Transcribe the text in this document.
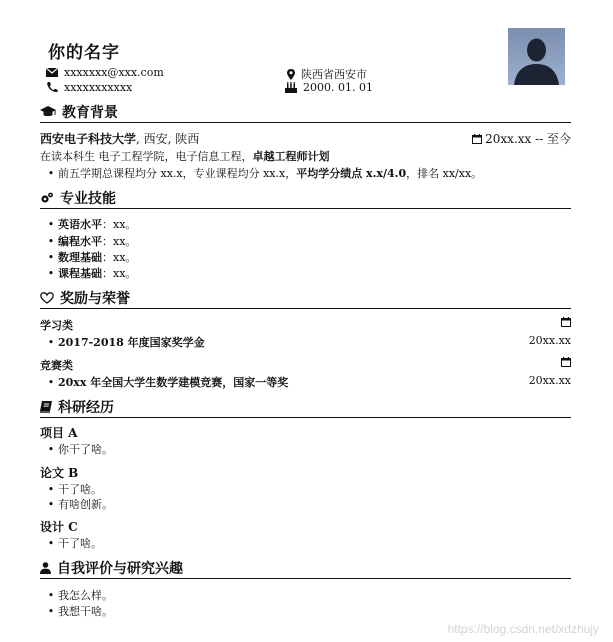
你的名字
xxxxxxx@xxx.com
xxxxxxxxxxx
陕西省西安市
2000. 01. 01
教育背景
西安电子科技大学, 西安, 陕西	20xx.xx -- 至今
在读本科生 电子工程学院，电子信息工程，卓越工程师计划
• 前五学期总课程均分 xx.x，专业课程均分 xx.x，平均学分绩点 x.x/4.0，排名 xx/xx。
专业技能
• 英语水平：xx。
• 编程水平：xx。
• 数理基础：xx。
• 课程基础：xx。
奖励与荣誉
学习类
• 2017-2018 年度国家奖学金	20xx.xx
竞赛类
• 20xx 年全国大学生数学建模竞赛，国家一等奖	20xx.xx
科研经历
项目 A
• 你干了啥。
论文 B
• 干了啥。
• 有啥创新。
设计 C
• 干了啥。
自我评价与研究兴趣
• 我怎么样。
• 我想干啥。
https://blog.csdn.net/xdzhujy
